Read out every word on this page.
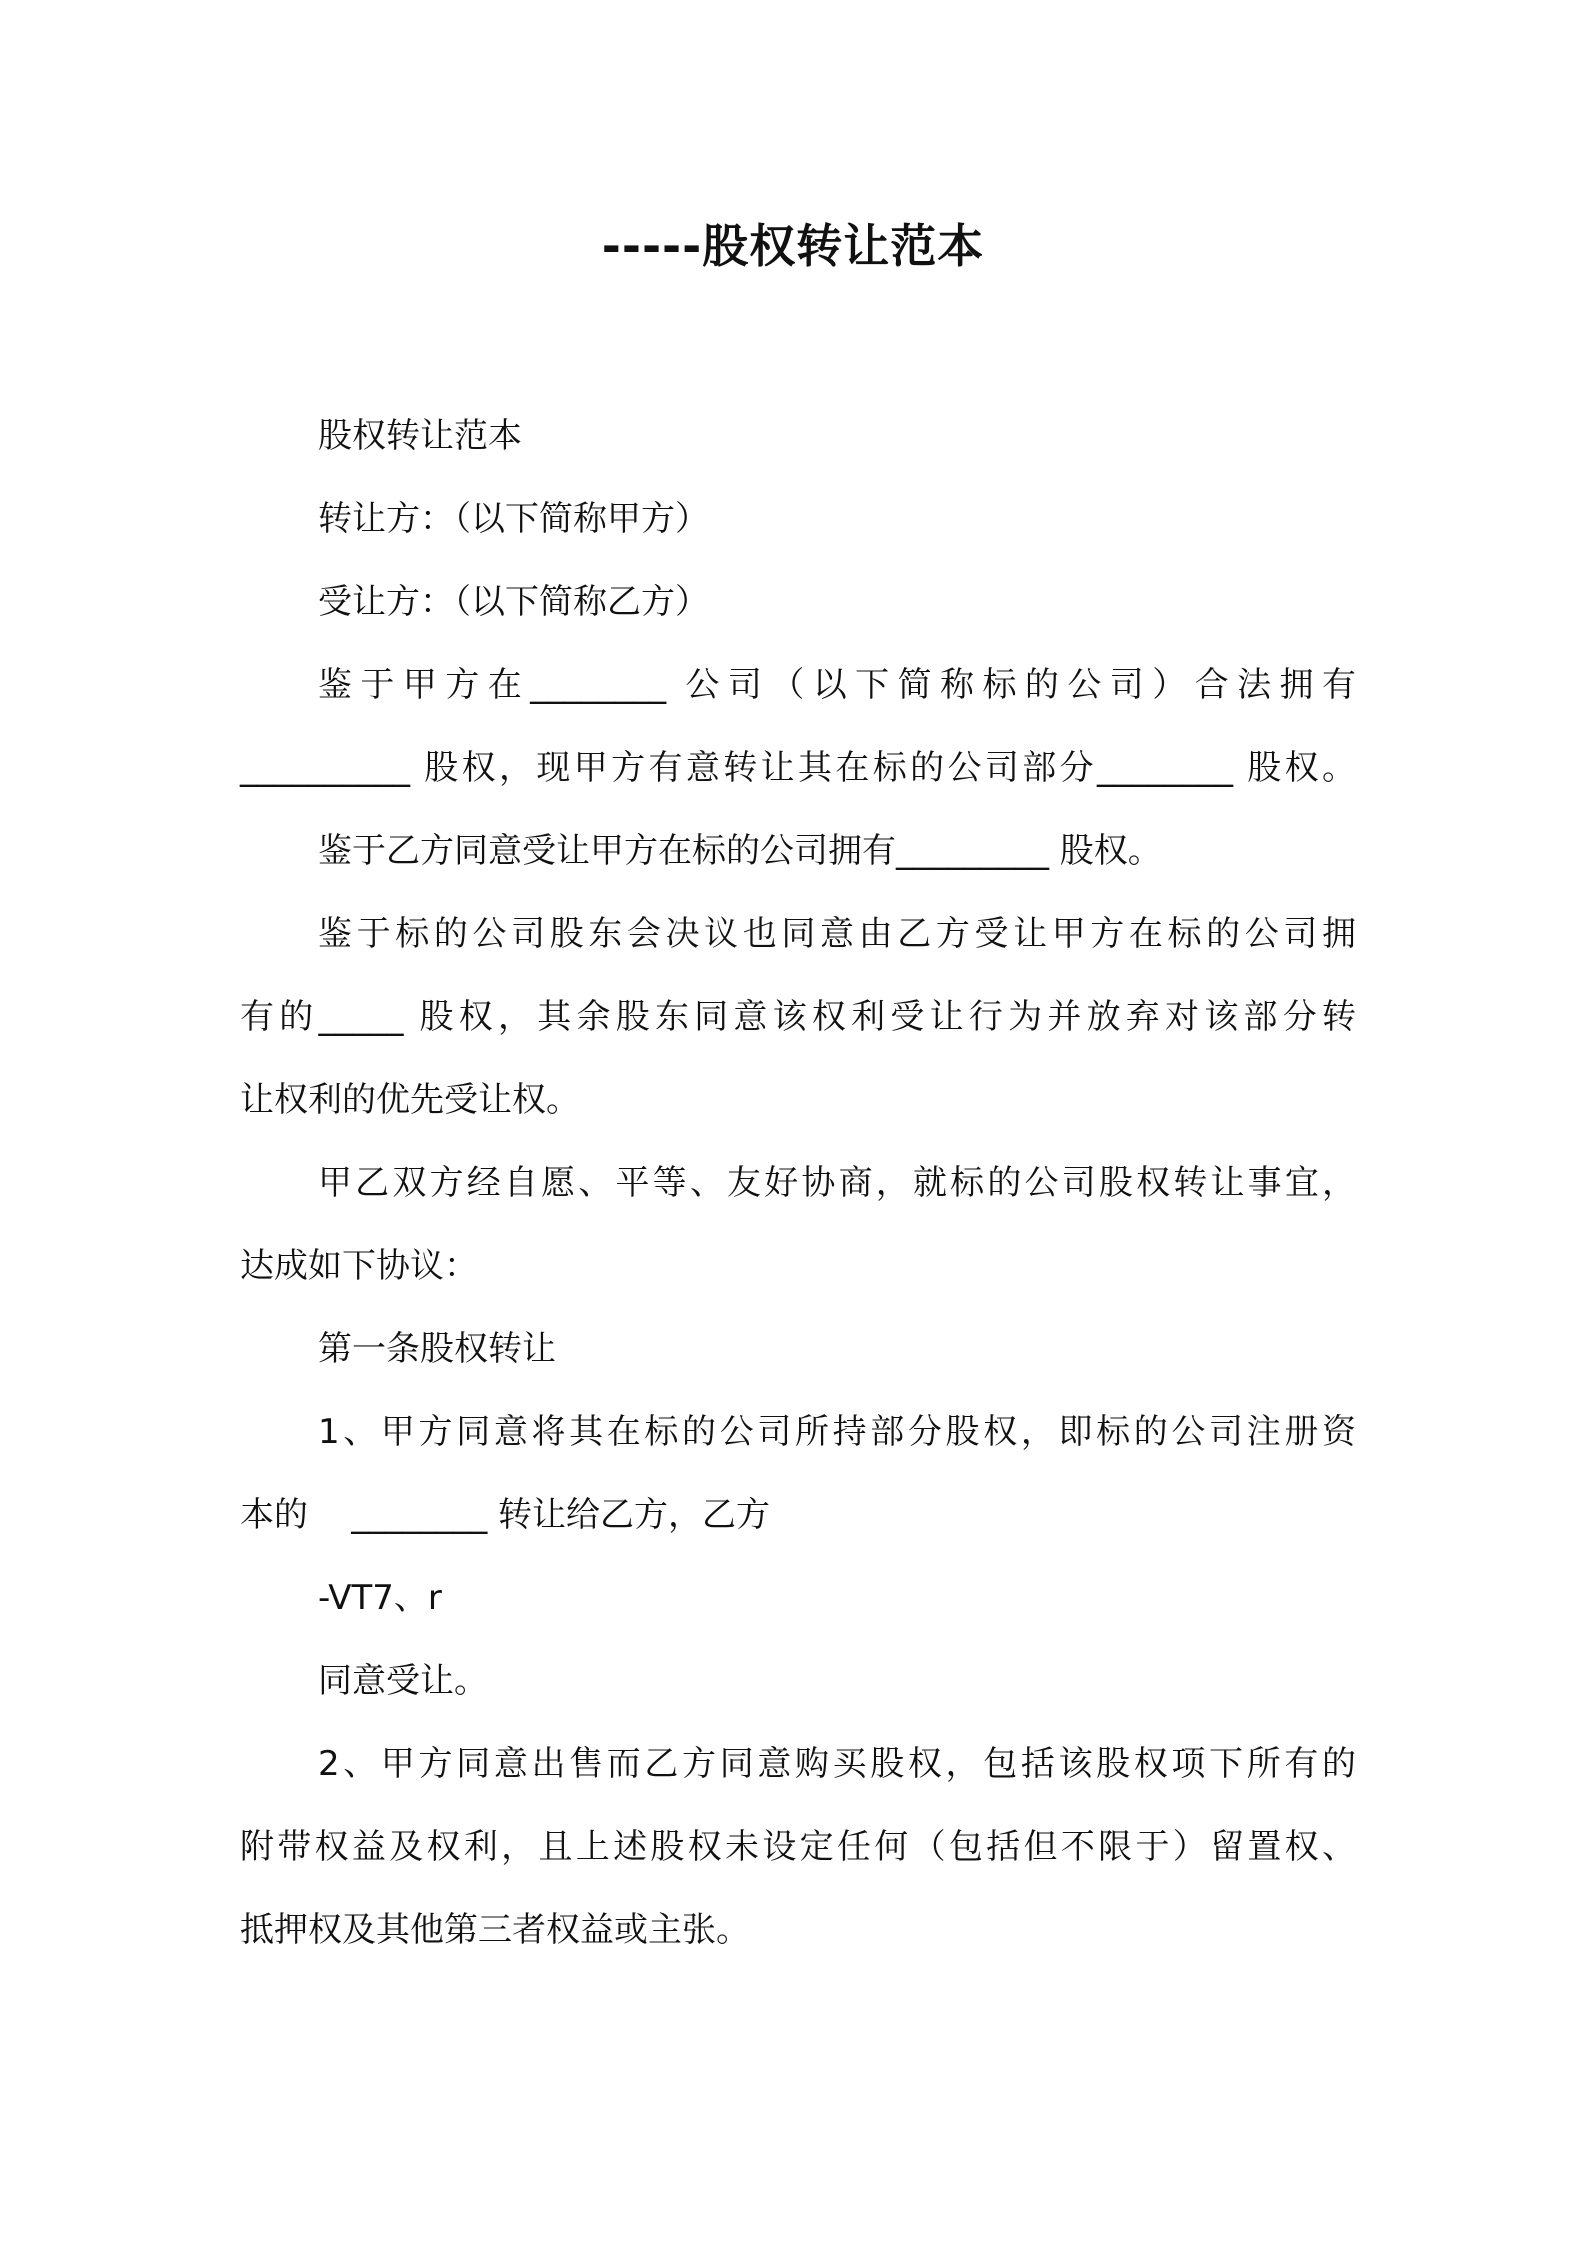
-----股权转让范本
股权转让范本
转让方：（以下简称甲方）
受让方：（以下简称乙方）
鉴于甲方在________ 公司（以下简称标的公司）合法拥有
__________ 股权，现甲方有意转让其在标的公司部分________ 股权。
鉴于乙方同意受让甲方在标的公司拥有_________ 股权。
鉴于标的公司股东会决议也同意由乙方受让甲方在标的公司拥
有的_____ 股权，其余股东同意该权利受让行为并放弃对该部分转
让权利的优先受让权。
甲乙双方经自愿、平等、友好协商，就标的公司股权转让事宜，
达成如下协议：
第一条股权转让
1、甲方同意将其在标的公司所持部分股权，即标的公司注册资
本的    ________ 转让给乙方，乙方
-VT7、r
同意受让。
2、甲方同意出售而乙方同意购买股权，包括该股权项下所有的
附带权益及权利，且上述股权未设定任何（包括但不限于）留置权、
抵押权及其他第三者权益或主张。
